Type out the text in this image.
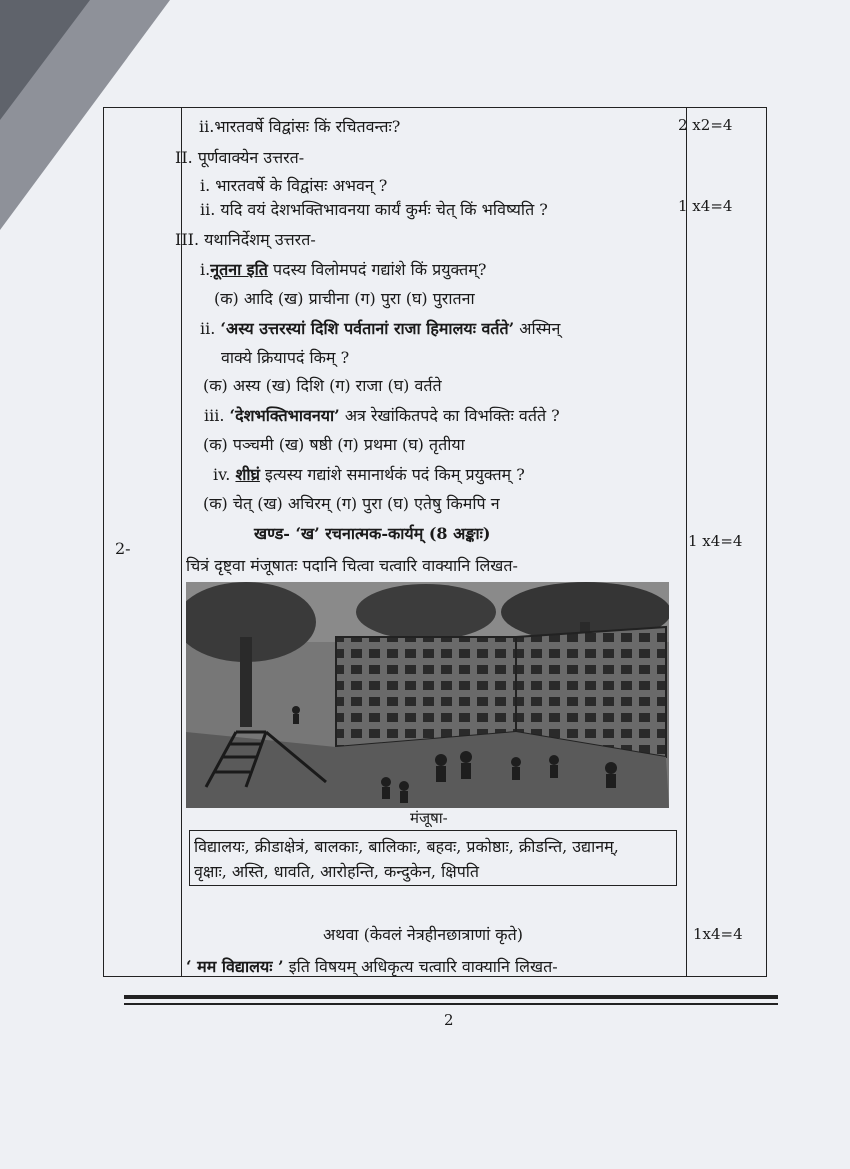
2-
2 x2=4
1 x4=4
1 x4=4
1x4=4
ii.भारतवर्षे विद्वांसः किं रचितवन्तः?
II. पूर्णवाक्येन उत्तरत-
i. भारतवर्षे के विद्वांसः अभवन् ?
ii. यदि वयं देशभक्तिभावनया कार्यं कुर्मः चेत् किं भविष्यति ?
III. यथानिर्देशम् उत्तरत-
i.नूतना इति पदस्य विलोमपदं गद्यांशे किं प्रयुक्तम्?
(क) आदि (ख) प्राचीना (ग) पुरा (घ) पुरातना
ii. ‘अस्य उत्तरस्यां दिशि पर्वतानां राजा हिमालयः वर्तते’ अस्मिन्
वाक्ये क्रियापदं किम् ?
(क) अस्य (ख) दिशि (ग) राजा (घ) वर्तते
iii. ‘देशभक्तिभावनया’ अत्र रेखांकितपदे का विभक्तिः वर्तते ?
(क) पञ्चमी (ख) षष्ठी (ग) प्रथमा (घ) तृतीया
iv. शीघ्रं इत्यस्य गद्यांशे समानार्थकं पदं किम् प्रयुक्तम् ?
(क) चेत् (ख) अचिरम् (ग) पुरा (घ) एतेषु किमपि न
खण्ड- ‘ख’ रचनात्मक-कार्यम् (8 अङ्काः)
चित्रं दृष्ट्वा मंजूषातः पदानि चित्वा चत्वारि वाक्यानि लिखत-
मंजूषा-
विद्यालयः, क्रीडाक्षेत्रं, बालकाः, बालिकाः, बहवः, प्रकोष्ठाः, क्रीडन्ति, उद्यानम्,
वृक्षाः, अस्ति, धावति, आरोहन्ति, कन्दुकेन, क्षिपति
अथवा (केवलं नेत्रहीनछात्राणां कृते)
‘ मम विद्यालयः ’ इति विषयम् अधिकृत्य चत्वारि वाक्यानि लिखत-
2
